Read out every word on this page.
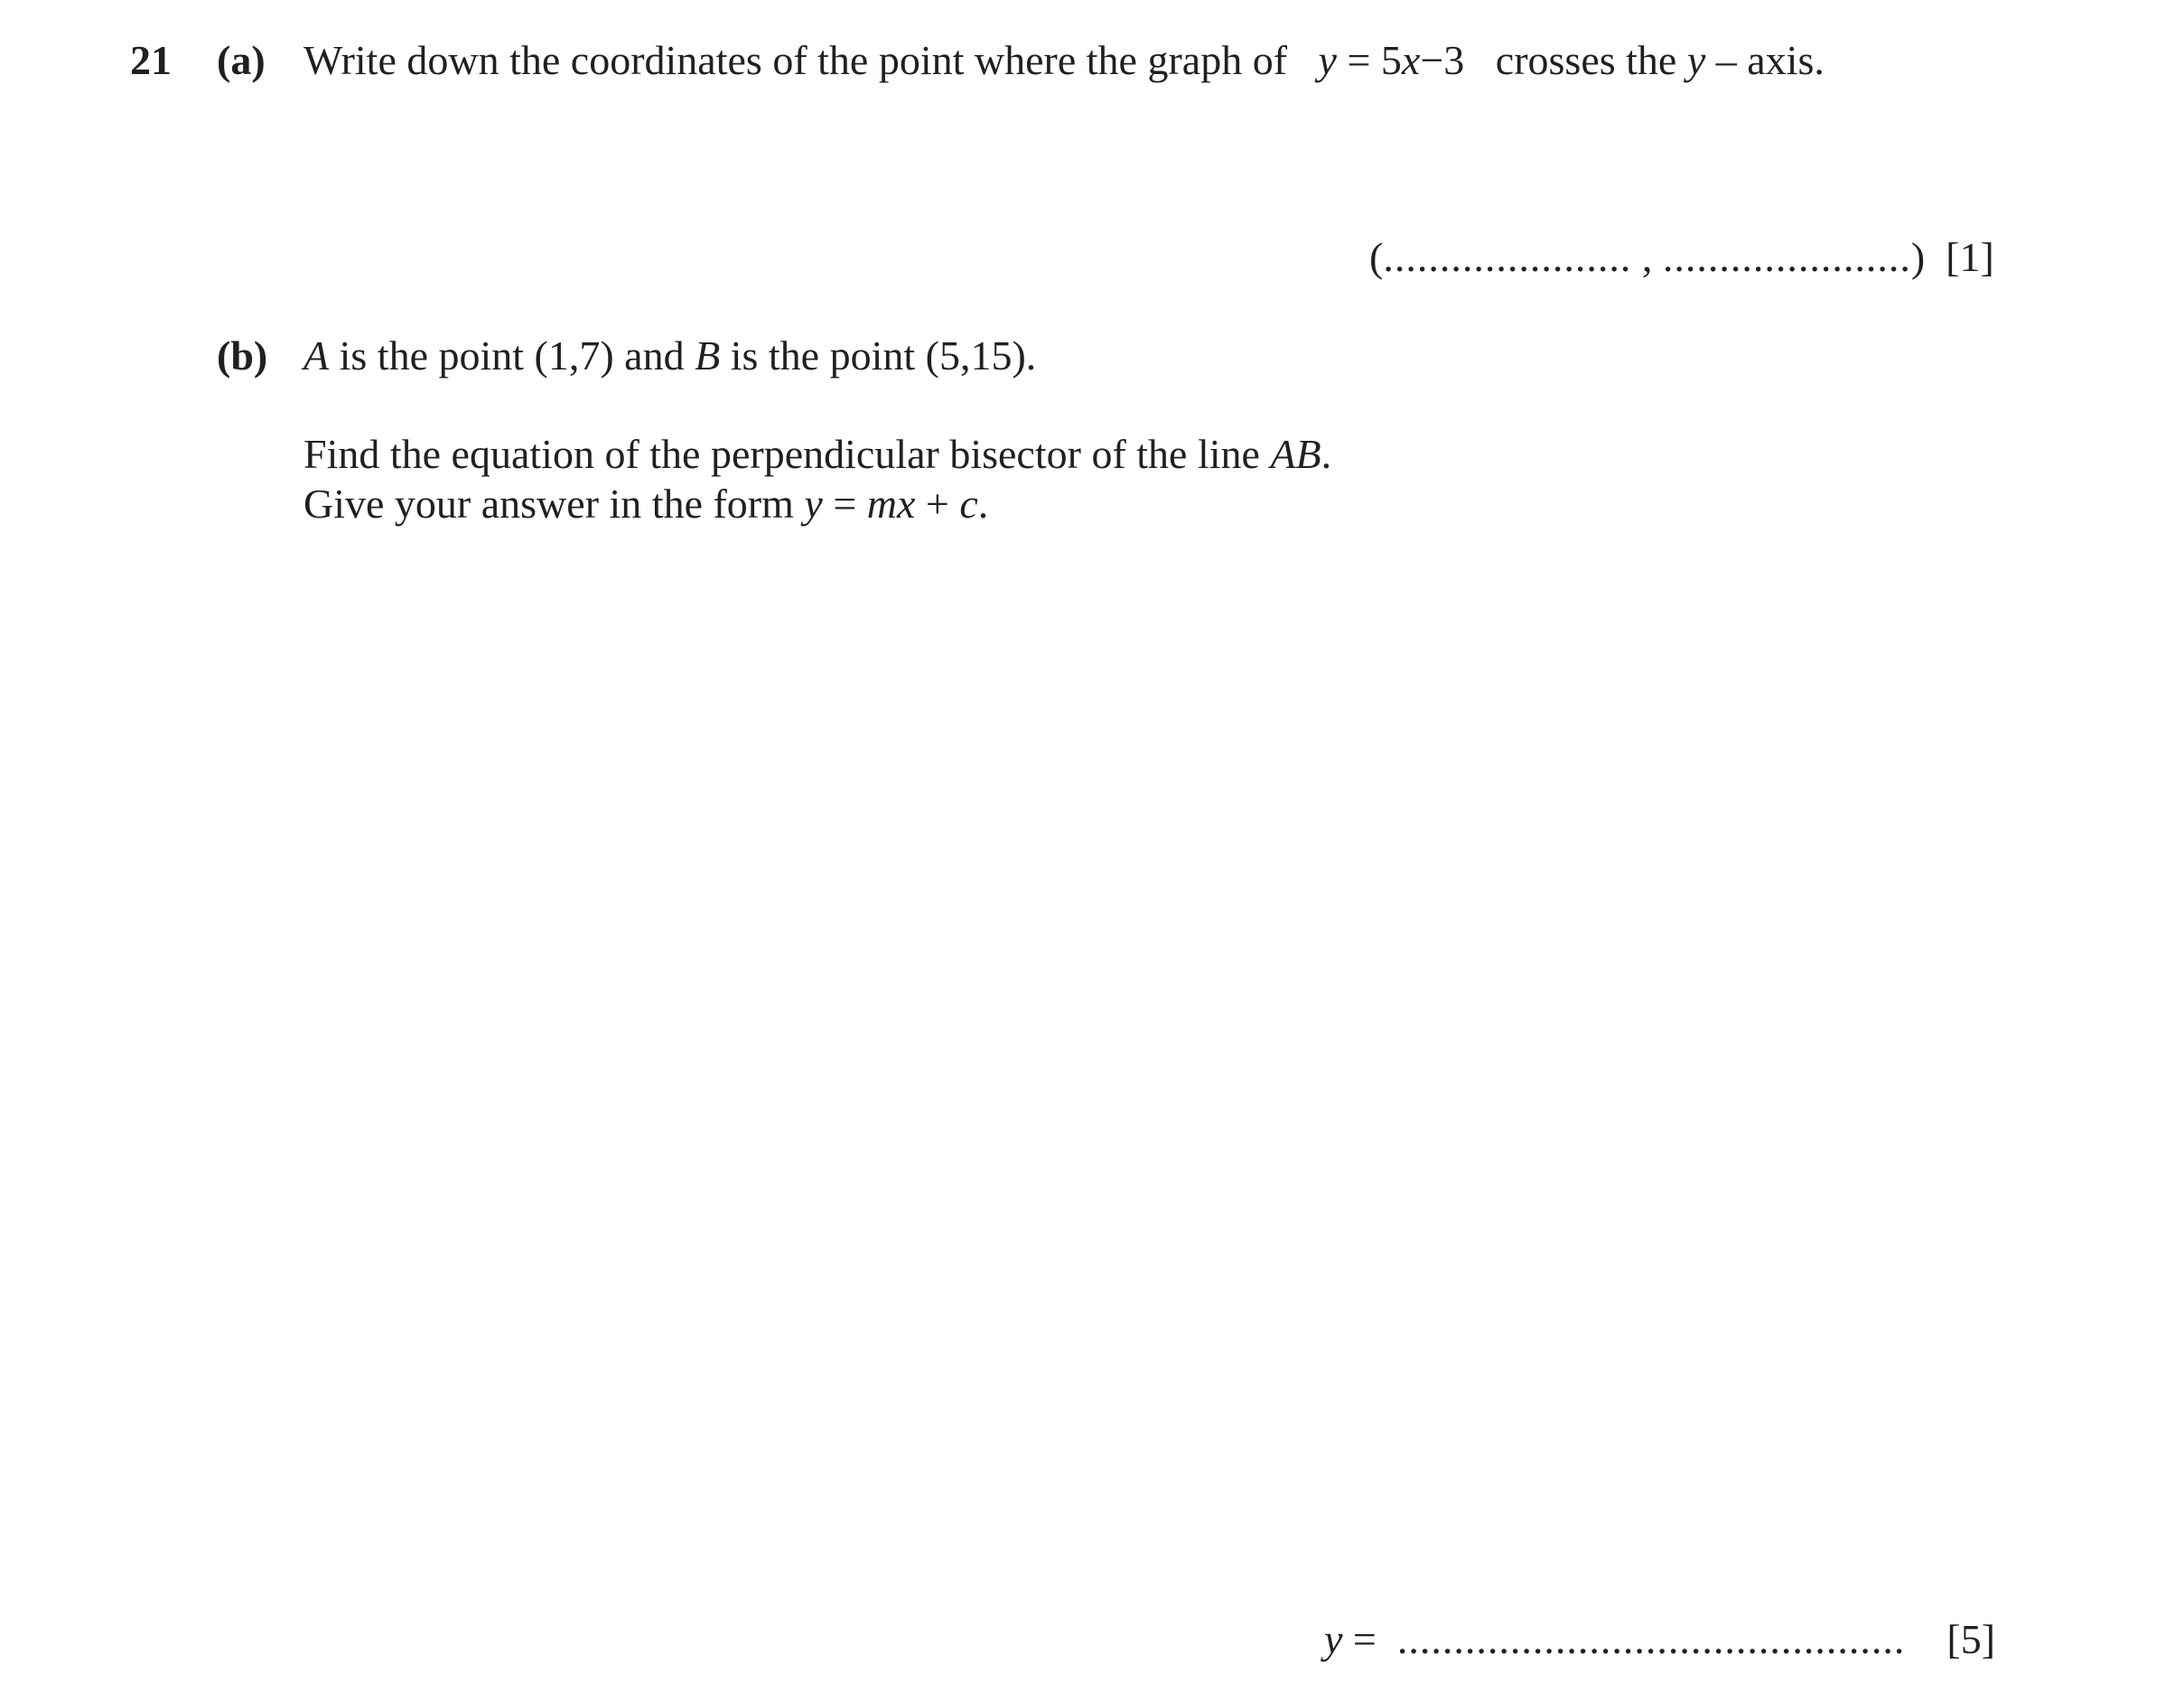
21 (a) Write down the coordinates of the point where the graph of y = 5x−3 crosses the y – axis.
(...................... , ......................) [1]
(b) A is the point (1,7) and B is the point (5,15).
Find the equation of the perpendicular bisector of the line AB.
Give your answer in the form y = mx + c.
y = ............................................. [5]
